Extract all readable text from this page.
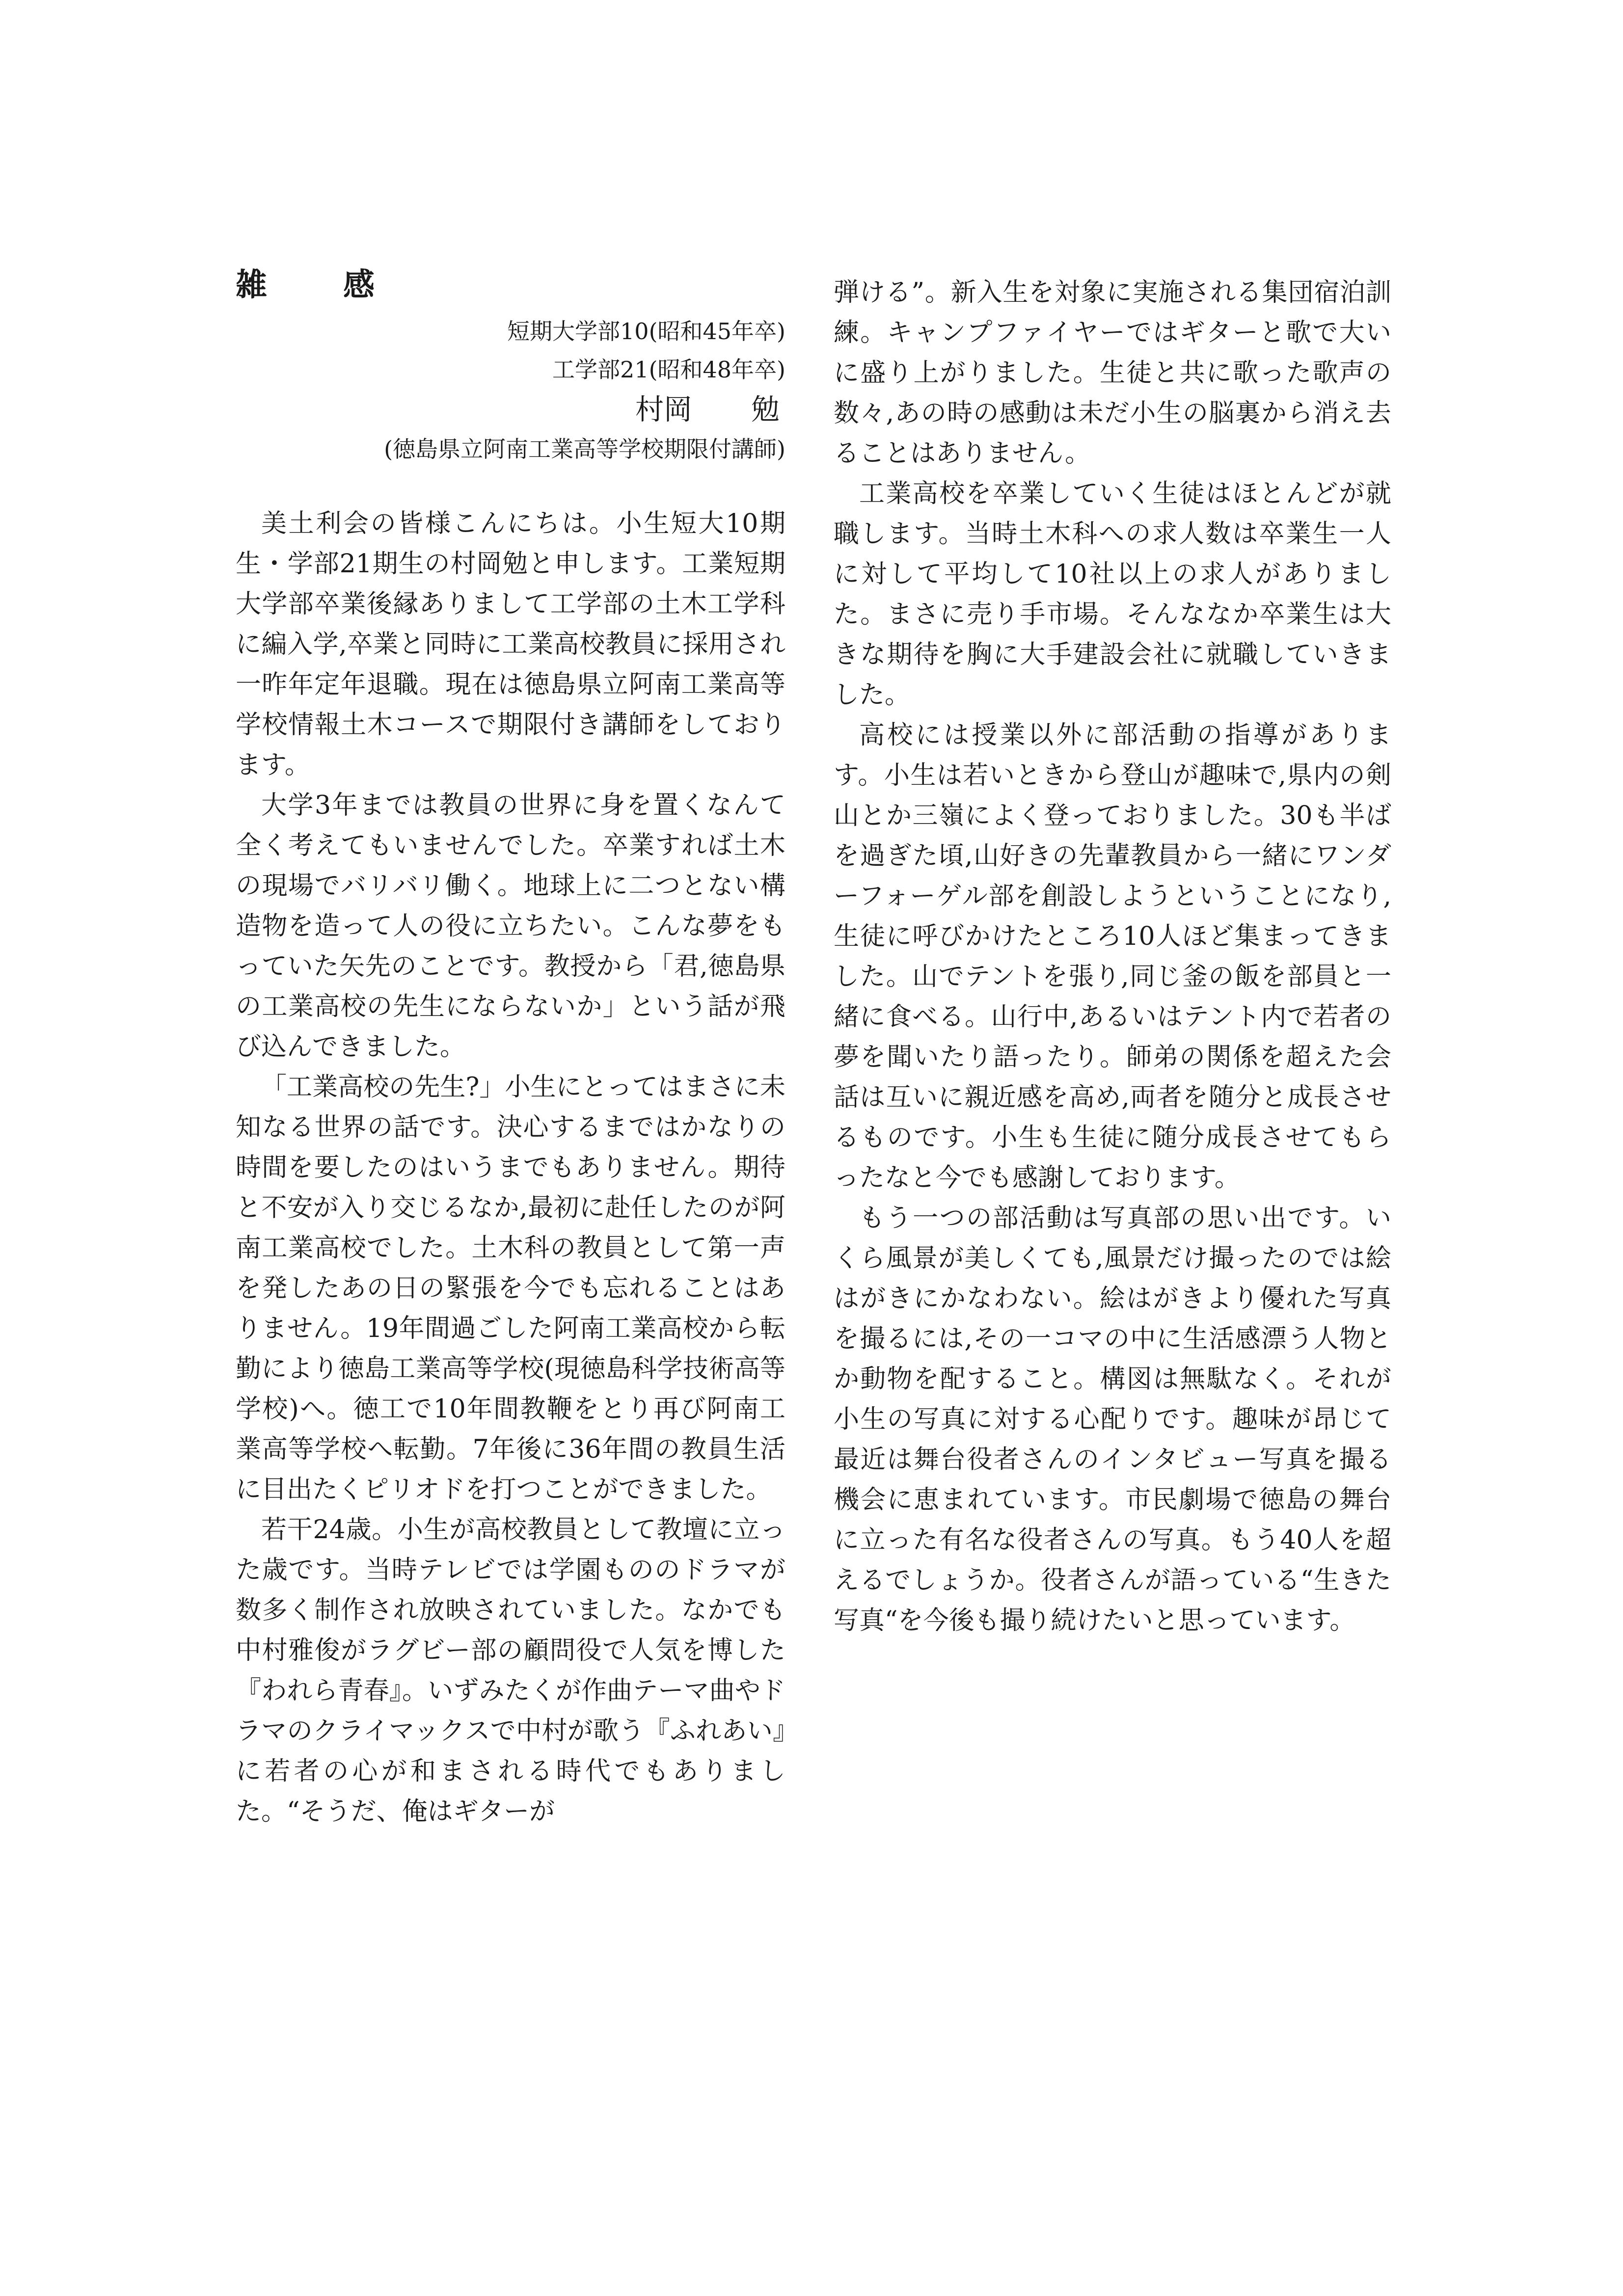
雑 感

短期大学部10(昭和45年卒)

工学部21(昭和48年卒)

村岡 勉

(徳島県立阿南工業高等学校期限付講師)

美土利会の皆様こんにちは。小生短大10期生・学部21期生の村岡勉と申します。工業短期大学部卒業後縁ありまして工学部の土木工学科に編入学,卒業と同時に工業高校教員に採用され一昨年定年退職。現在は徳島県立阿南工業高等学校情報土木コースで期限付き講師をしております。

大学3年までは教員の世界に身を置くなんて全く考えてもいませんでした。卒業すれば土木の現場でバリバリ働く。地球上に二つとない構造物を造って人の役に立ちたい。こんな夢をもっていた矢先のことです。教授から「君,徳島県の工業高校の先生にならないか」という話が飛び込んできました。

「工業高校の先生?」小生にとってはまさに未知なる世界の話です。決心するまではかなりの時間を要したのはいうまでもありません。期待と不安が入り交じるなか,最初に赴任したのが阿南工業高校でした。土木科の教員として第一声を発したあの日の緊張を今でも忘れることはありません。19年間過ごした阿南工業高校から転勤により徳島工業高等学校(現徳島科学技術高等学校)へ。徳工で10年間教鞭をとり再び阿南工業高等学校へ転勤。7年後に36年間の教員生活に目出たくピリオドを打つことができました。

若干24歳。小生が高校教員として教壇に立った歳です。当時テレビでは学園もののドラマが数多く制作され放映されていました。なかでも中村雅俊がラグビー部の顧問役で人気を博した『われら青春』。いずみたくが作曲テーマ曲やドラマのクライマックスで中村が歌う『ふれあい』に若者の心が和まされる時代でもありました。“そうだ、俺はギターが

弾ける”。新入生を対象に実施される集団宿泊訓練。キャンプファイヤーではギターと歌で大いに盛り上がりました。生徒と共に歌った歌声の数々,あの時の感動は未だ小生の脳裏から消え去ることはありません。

工業高校を卒業していく生徒はほとんどが就職します。当時土木科への求人数は卒業生一人に対して平均して10社以上の求人がありました。まさに売り手市場。そんななか卒業生は大きな期待を胸に大手建設会社に就職していきました。

高校には授業以外に部活動の指導があります。小生は若いときから登山が趣味で,県内の剣山とか三嶺によく登っておりました。30も半ばを過ぎた頃,山好きの先輩教員から一緒にワンダーフォーゲル部を創設しようということになり,生徒に呼びかけたところ10人ほど集まってきました。山でテントを張り,同じ釜の飯を部員と一緒に食べる。山行中,あるいはテント内で若者の夢を聞いたり語ったり。師弟の関係を超えた会話は互いに親近感を高め,両者を随分と成長させるものです。小生も生徒に随分成長させてもらったなと今でも感謝しております。

もう一つの部活動は写真部の思い出です。いくら風景が美しくても,風景だけ撮ったのでは絵はがきにかなわない。絵はがきより優れた写真を撮るには,その一コマの中に生活感漂う人物とか動物を配すること。構図は無駄なく。それが小生の写真に対する心配りです。趣味が昂じて最近は舞台役者さんのインタビュー写真を撮る機会に恵まれています。市民劇場で徳島の舞台に立った有名な役者さんの写真。もう40人を超えるでしょうか。役者さんが語っている“生きた写真“を今後も撮り続けたいと思っています。
